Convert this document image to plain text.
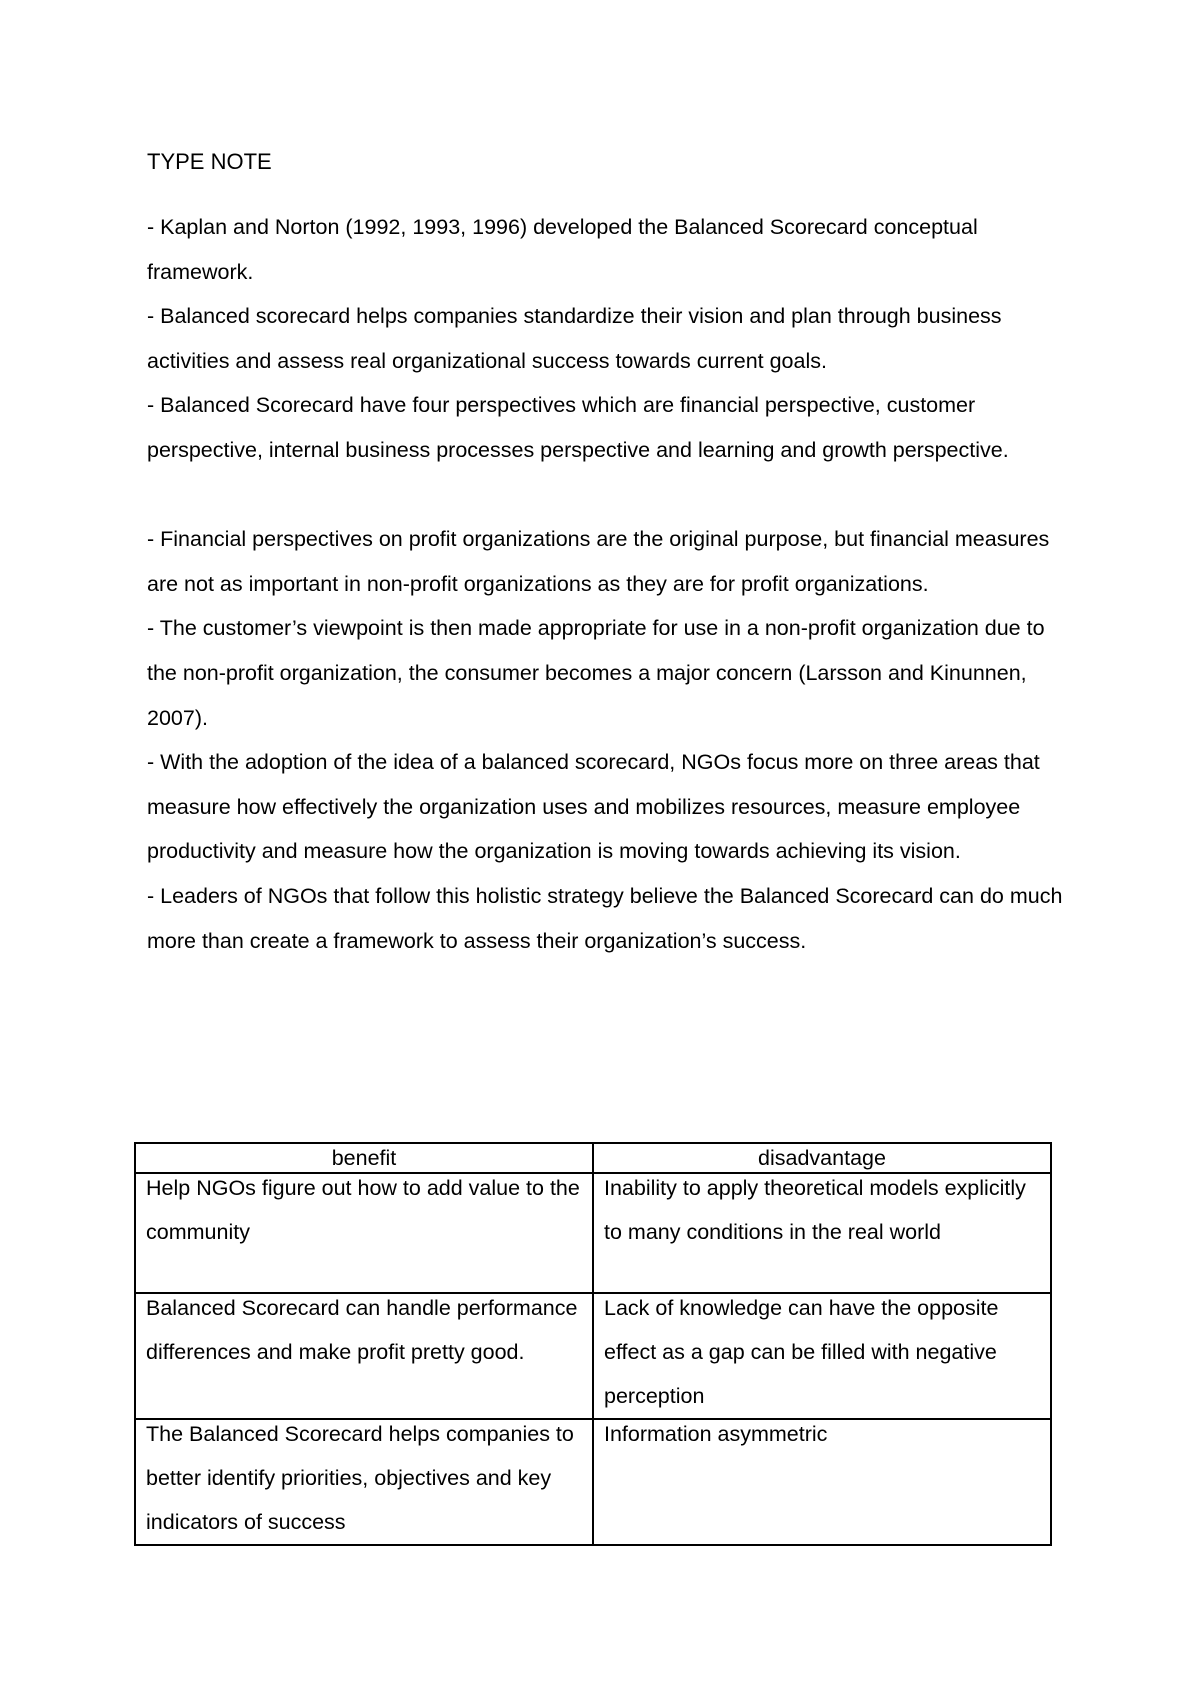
TYPE NOTE

- Kaplan and Norton (1992, 1993, 1996) developed the Balanced Scorecard conceptual framework.

- Balanced scorecard helps companies standardize their vision and plan through business activities and assess real organizational success towards current goals.

- Balanced Scorecard have four perspectives which are financial perspective, customer perspective, internal business processes perspective and learning and growth perspective.

- Financial perspectives on profit organizations are the original purpose, but financial measures are not as important in non-profit organizations as they are for profit organizations.

- The customer’s viewpoint is then made appropriate for use in a non-profit organization due to the non-profit organization, the consumer becomes a major concern (Larsson and Kinunnen, 2007).

- With the adoption of the idea of a balanced scorecard, NGOs focus more on three areas that measure how effectively the organization uses and mobilizes resources, measure employee productivity and measure how the organization is moving towards achieving its vision.

- Leaders of NGOs that follow this holistic strategy believe the Balanced Scorecard can do much more than create a framework to assess their organization’s success.

benefit	disadvantage

Help NGOs figure out how to add value to the community	Inability to apply theoretical models explicitly to many conditions in the real world

Balanced Scorecard can handle performance differences and make profit pretty good.	Lack of knowledge can have the opposite effect as a gap can be filled with negative perception

The Balanced Scorecard helps companies to better identify priorities, objectives and key indicators of success	Information asymmetric
